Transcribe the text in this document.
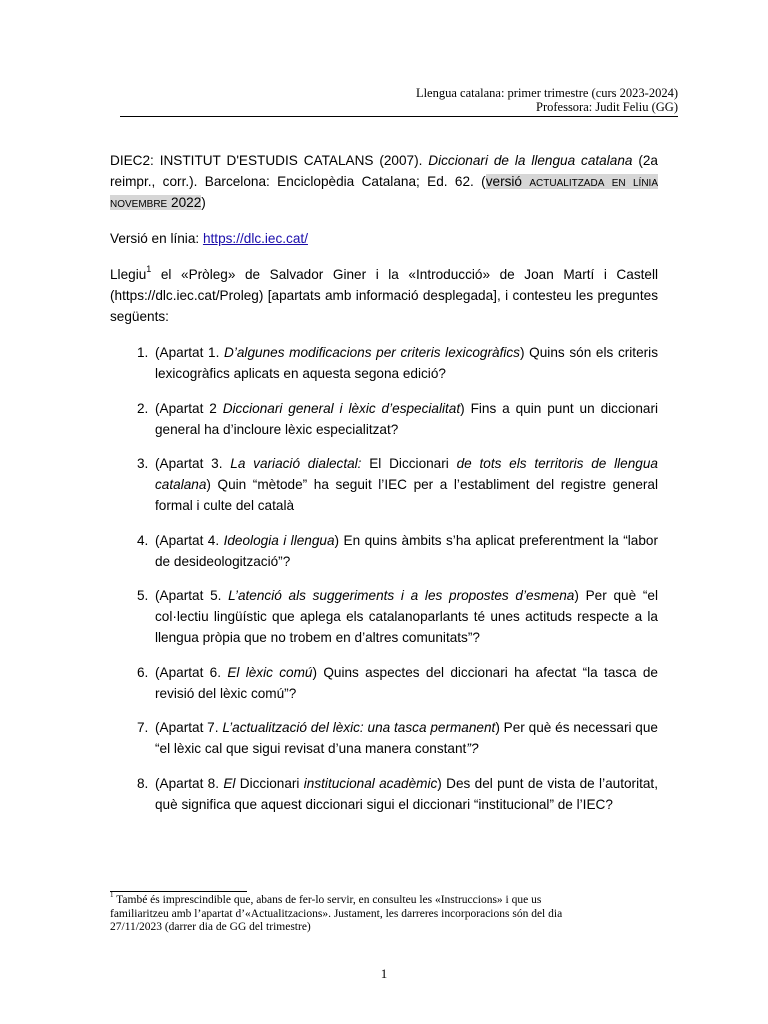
Llengua catalana: primer trimestre (curs 2023-2024)
Professora: Judit Feliu (GG)

DIEC2: INSTITUT D'ESTUDIS CATALANS (2007). Diccionari de la llengua catalana (2a reimpr., corr.). Barcelona: Enciclopèdia Catalana; Ed. 62. (versió actualitzada en línia novembre 2022)

Versió en línia: https://dlc.iec.cat/

Llegiu$^1$ el «Pròleg» de Salvador Giner i la «Introducció» de Joan Martí i Castell (https://dlc.iec.cat/Proleg) [apartats amb informació desplegada], i contesteu les preguntes següents:

1. (Apartat 1. D’algunes modificacions per criteris lexicogràfics) Quins són els criteris lexicogràfics aplicats en aquesta segona edició?
2. (Apartat 2 Diccionari general i lèxic d’especialitat) Fins a quin punt un diccionari general ha d’incloure lèxic especialitzat?
3. (Apartat 3. La variació dialectal: El Diccionari de tots els territoris de llengua catalana) Quin “mètode” ha seguit l’IEC per a l’establiment del registre general formal i culte del català
4. (Apartat 4. Ideologia i llengua) En quins àmbits s’ha aplicat preferentment la “labor de desideologització”?
5. (Apartat 5. L’atenció als suggeriments i a les propostes d’esmena) Per què “el col·lectiu lingüístic que aplega els catalanoparlants té unes actituds respecte a la llengua pròpia que no trobem en d’altres comunitats”?
6. (Apartat 6. El lèxic comú) Quins aspectes del diccionari ha afectat “la tasca de revisió del lèxic comú”?
7. (Apartat 7. L’actualització del lèxic: una tasca permanent) Per què és necessari que “el lèxic cal que sigui revisat d’una manera constant”?
8. (Apartat 8. El Diccionari institucional acadèmic) Des del punt de vista de l’autoritat, què significa que aquest diccionari sigui el diccionari “institucional” de l’IEC?
$^1$ També és imprescindible que, abans de fer-lo servir, en consulteu les «Instruccions» i que us familiaritzeu amb l’apartat d’«Actualitzacions». Justament, les darreres incorporacions són del dia 27/11/2023 (darrer dia de GG del trimestre)
1
